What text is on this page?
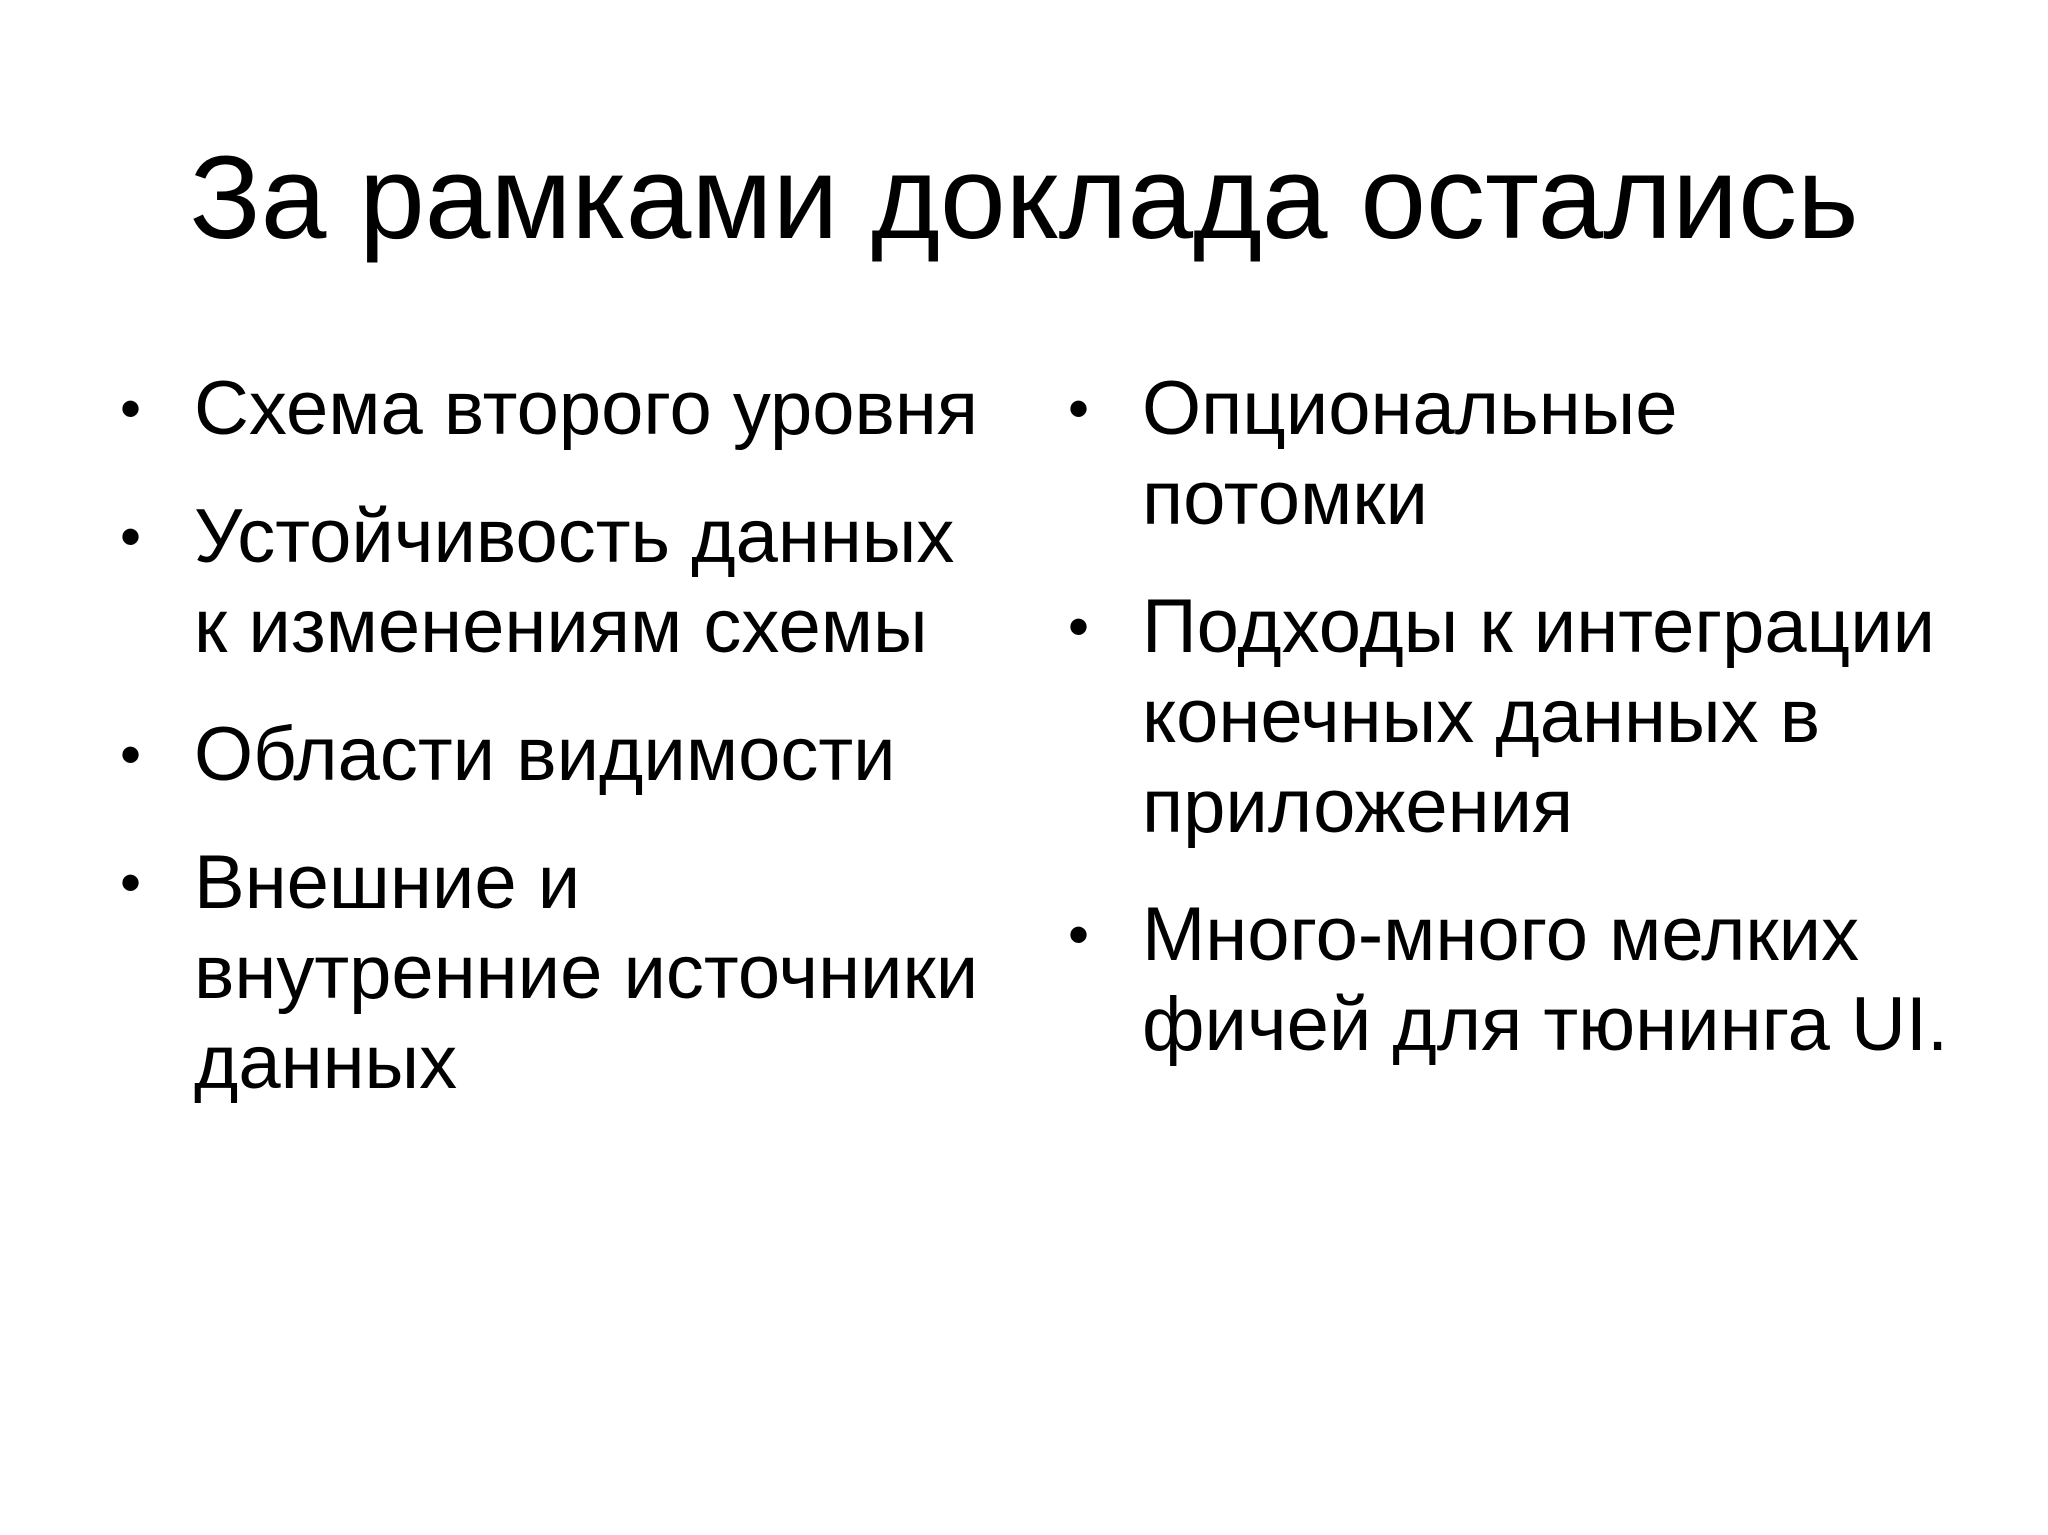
За рамками доклада остались
• Схема второго уровня
• Устойчивость данных к изменениям схемы
• Области видимости
• Внешние и внутренние источники данных
• Опциональные потомки
• Подходы к интеграции конечных данных в приложения
• Много-много мелких фичей для тюнинга UI.
